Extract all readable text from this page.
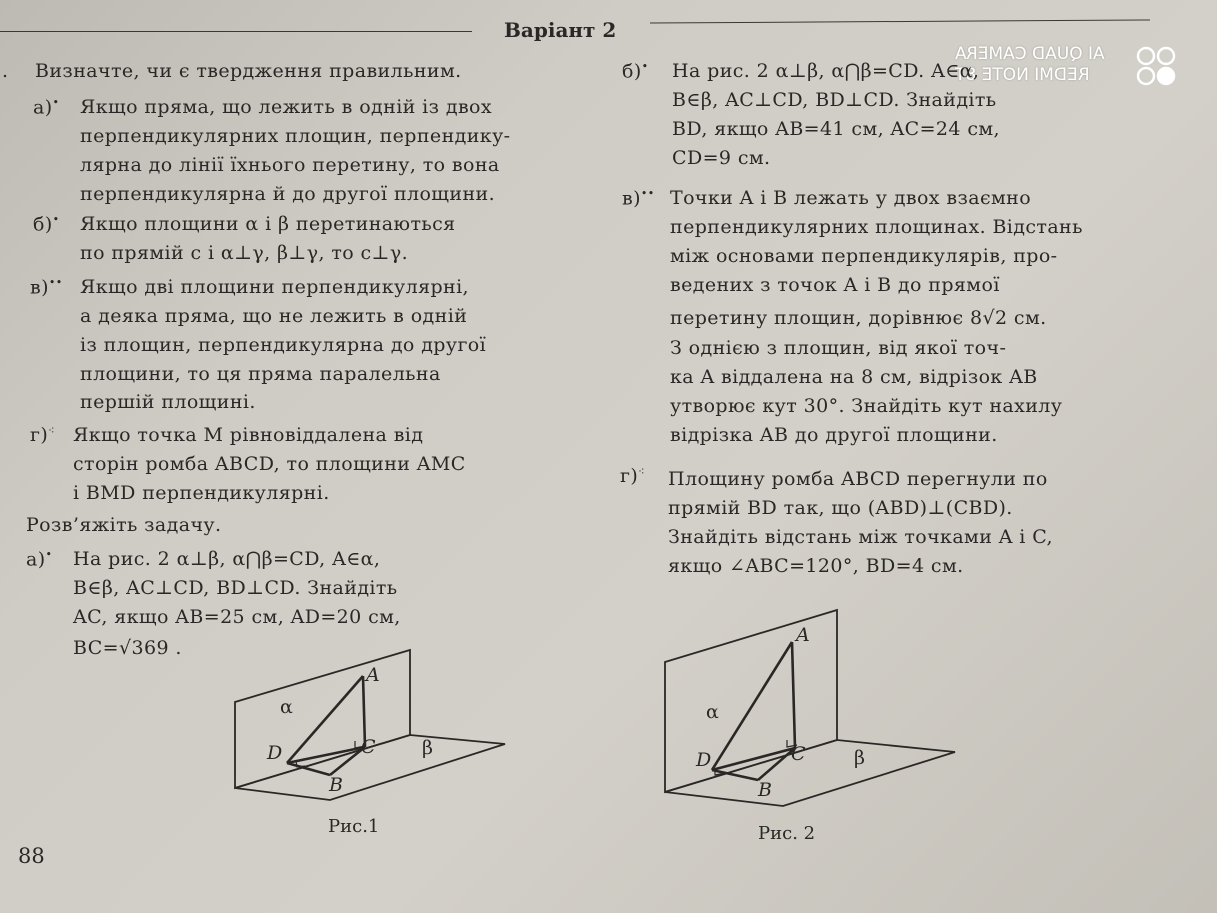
Варіант 2
AI QUAD CAMERA
REDMI NOTE 8T
. Визначте, чи є твердження правильним.
а)• Якщо пряма, що лежить в одній із двох
перпендикулярних площин, перпендику-
лярна до лінії їхнього перетину, то вона
перпендикулярна й до другої площини.
б)• Якщо площини α і β перетинаються
по прямій c і α⊥γ, β⊥γ, то c⊥γ.
в)•• Якщо дві площини перпендикулярні,
а деяка пряма, що не лежить в одній
із площин, перпендикулярна до другої
площини, то ця пряма паралельна
першій площині.
г)⁖ Якщо точка M рівновіддалена від
сторін ромба ABCD, то площини AMC
і BMD перпендикулярні.
Розв’яжіть задачу.
а)• На рис. 2 α⊥β, α⋂β=CD, A∈α,
B∈β, AC⊥CD, BD⊥CD. Знайдіть
AC, якщо AB=25 см, AD=20 см,
BC=√369 .
A
C
D
B
α
β
Рис.1
88
б)• На рис. 2 α⊥β, α⋂β=CD. A∈α,
B∈β, AC⊥CD, BD⊥CD. Знайдіть
BD, якщо AB=41 см, AC=24 см,
CD=9 см.
в)•• Точки A і B лежать у двох взаємно
перпендикулярних площинах. Відстань
між основами перпендикулярів, про-
ведених з точок A і B до прямої
перетину площин, дорівнює 8√2 см.
З однією з площин, від якої точ-
ка A віддалена на 8 см, відрізок AB
утворює кут 30°. Знайдіть кут нахилу
відрізка AB до другої площини.
г)⁖ Площину ромба ABCD перегнули по
прямій BD так, що (ABD)⊥(CBD).
Знайдіть відстань між точками A і C,
якщо ∠ABC=120°, BD=4 см.
A
C
D
B
α
β
Рис. 2
